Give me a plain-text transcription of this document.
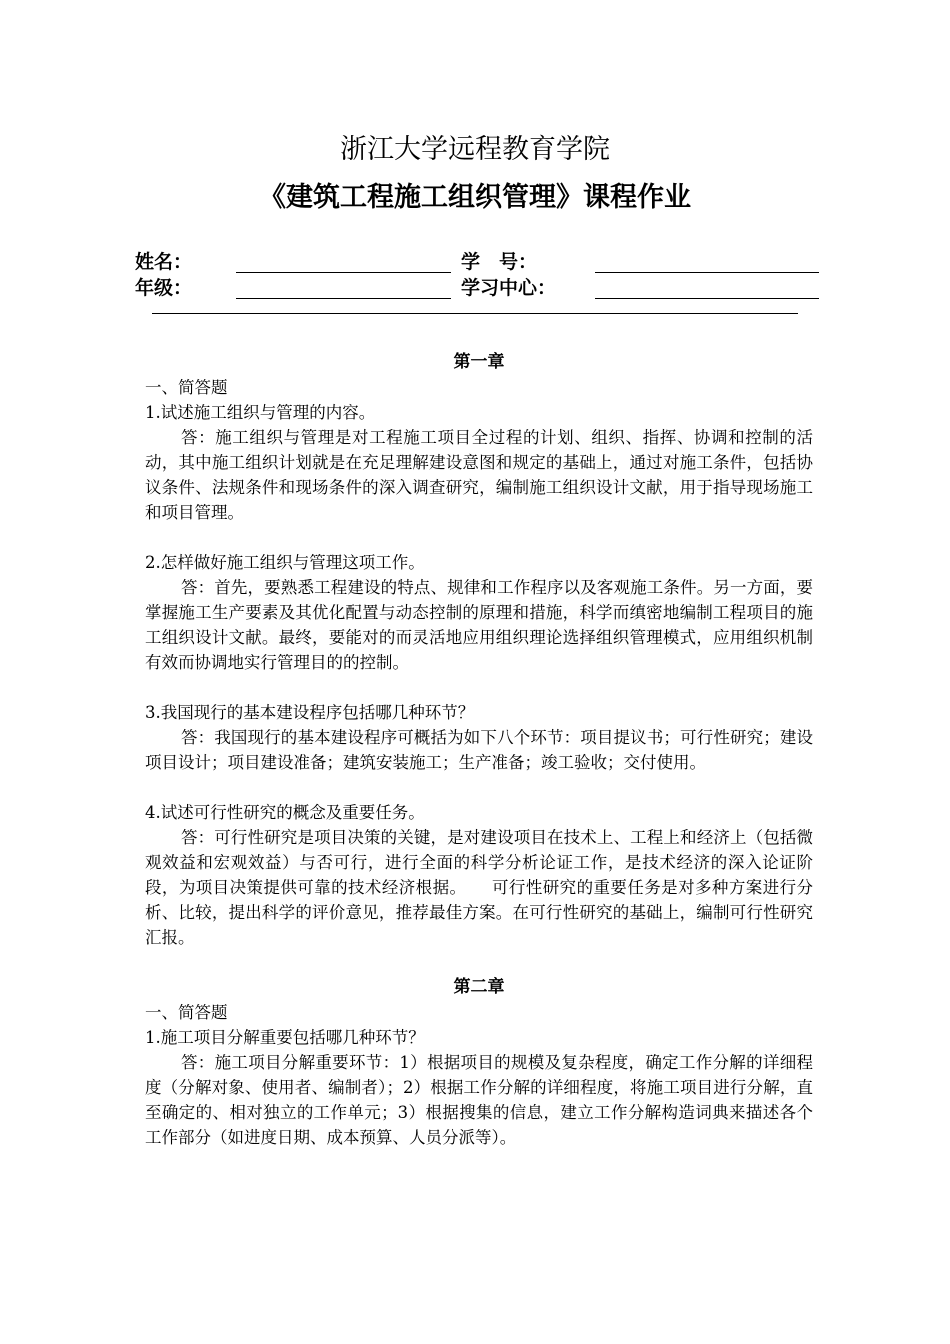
浙江大学远程教育学院
《建筑工程施工组织管理》课程作业
姓名：	学　号：
年级：	学习中心：
第一章
一、简答题
1.试述施工组织与管理的内容。
答：施工组织与管理是对工程施工项目全过程的计划、组织、指挥、协调和控制的活动，其中施工组织计划就是在充足理解建设意图和规定的基础上，通过对施工条件，包括协议条件、法规条件和现场条件的深入调查研究，编制施工组织设计文献，用于指导现场施工和项目管理。
2.怎样做好施工组织与管理这项工作。
答：首先，要熟悉工程建设的特点、规律和工作程序以及客观施工条件。另一方面，要掌握施工生产要素及其优化配置与动态控制的原理和措施，科学而缜密地编制工程项目的施工组织设计文献。最终，要能对的而灵活地应用组织理论选择组织管理模式，应用组织机制有效而协调地实行管理目的的控制。
3.我国现行的基本建设程序包括哪几种环节？
答：我国现行的基本建设程序可概括为如下八个环节：项目提议书；可行性研究；建设项目设计；项目建设准备；建筑安装施工；生产准备；竣工验收；交付使用。
4.试述可行性研究的概念及重要任务。
答：可行性研究是项目决策的关键，是对建设项目在技术上、工程上和经济上（包括微观效益和宏观效益）与否可行，进行全面的科学分析论证工作，是技术经济的深入论证阶段，为项目决策提供可靠的技术经济根据。　　可行性研究的重要任务是对多种方案进行分析、比较，提出科学的评价意见，推荐最佳方案。在可行性研究的基础上，编制可行性研究汇报。
第二章
一、简答题
1.施工项目分解重要包括哪几种环节？
答：施工项目分解重要环节：1）根据项目的规模及复杂程度，确定工作分解的详细程度（分解对象、使用者、编制者）；2）根据工作分解的详细程度，将施工项目进行分解，直至确定的、相对独立的工作单元；3）根据搜集的信息，建立工作分解构造词典来描述各个工作部分（如进度日期、成本预算、人员分派等）。
